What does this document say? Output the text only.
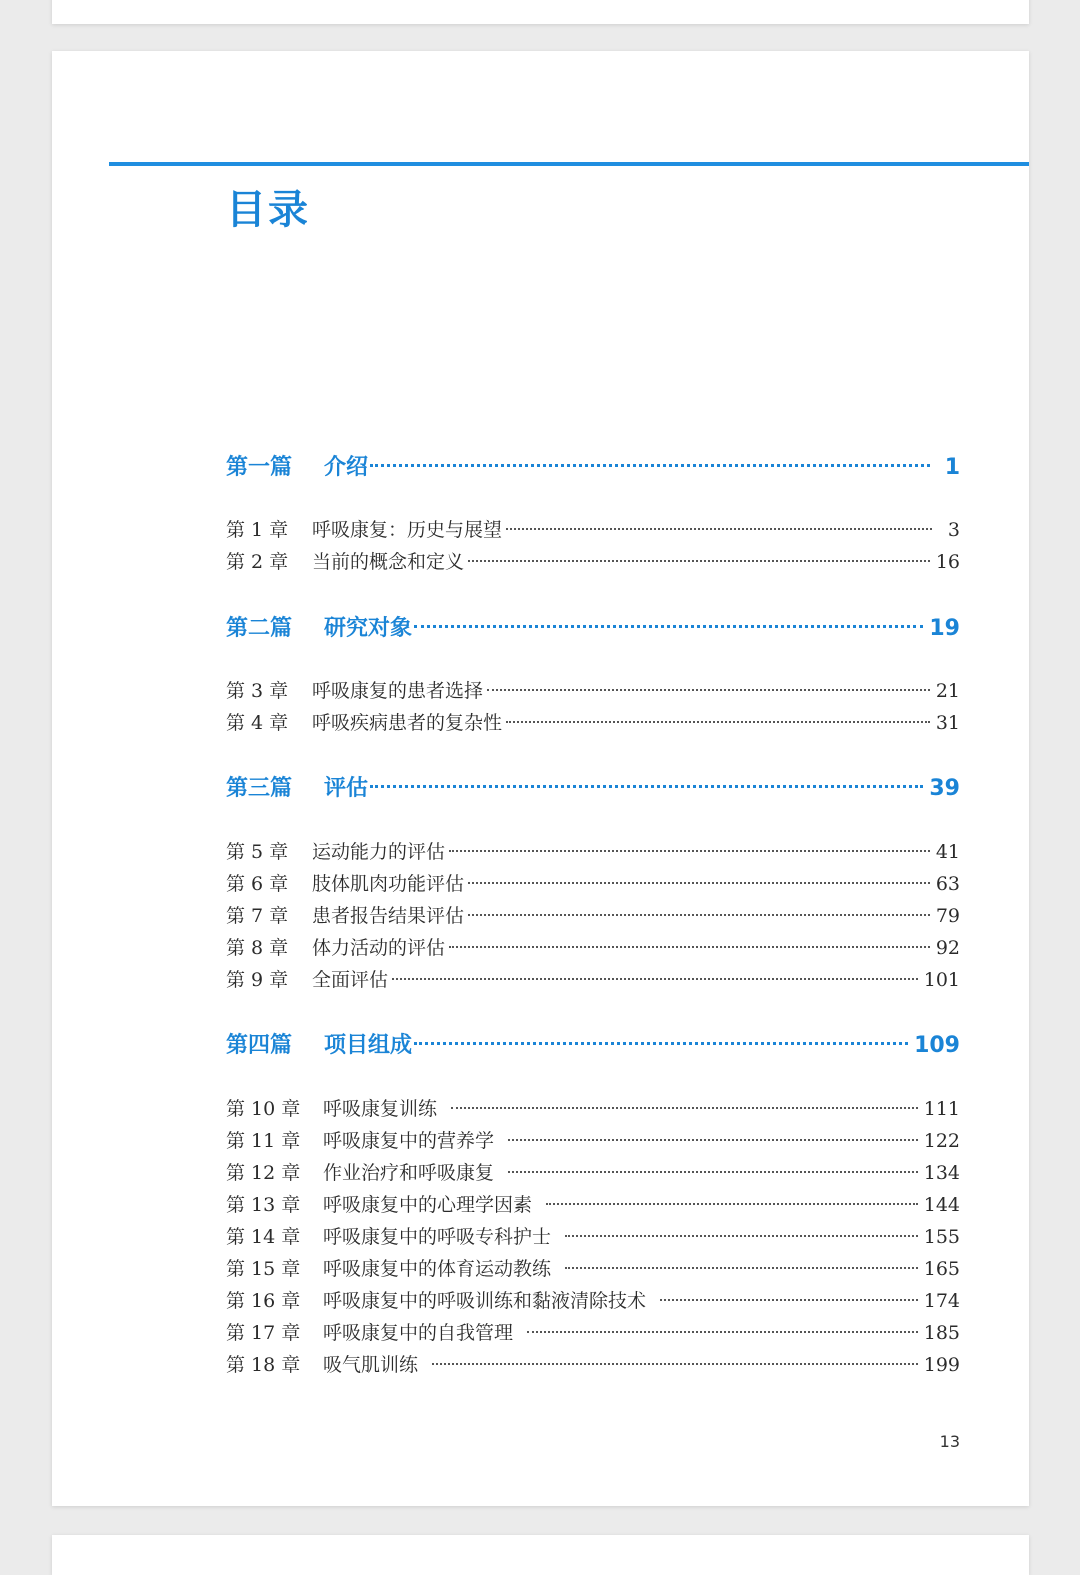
目录
第一篇	介绍	1
第 1 章	呼吸康复：历史与展望	3
第 2 章	当前的概念和定义	16
第二篇	研究对象	19
第 3 章	呼吸康复的患者选择	21
第 4 章	呼吸疾病患者的复杂性	31
第三篇	评估	39
第 5 章	运动能力的评估	41
第 6 章	肢体肌肉功能评估	63
第 7 章	患者报告结果评估	79
第 8 章	体力活动的评估	92
第 9 章	全面评估	101
第四篇	项目组成	109
第 10 章	呼吸康复训练	111
第 11 章	呼吸康复中的营养学	122
第 12 章	作业治疗和呼吸康复	134
第 13 章	呼吸康复中的心理学因素	144
第 14 章	呼吸康复中的呼吸专科护士	155
第 15 章	呼吸康复中的体育运动教练	165
第 16 章	呼吸康复中的呼吸训练和黏液清除技术	174
第 17 章	呼吸康复中的自我管理	185
第 18 章	吸气肌训练	199
13
